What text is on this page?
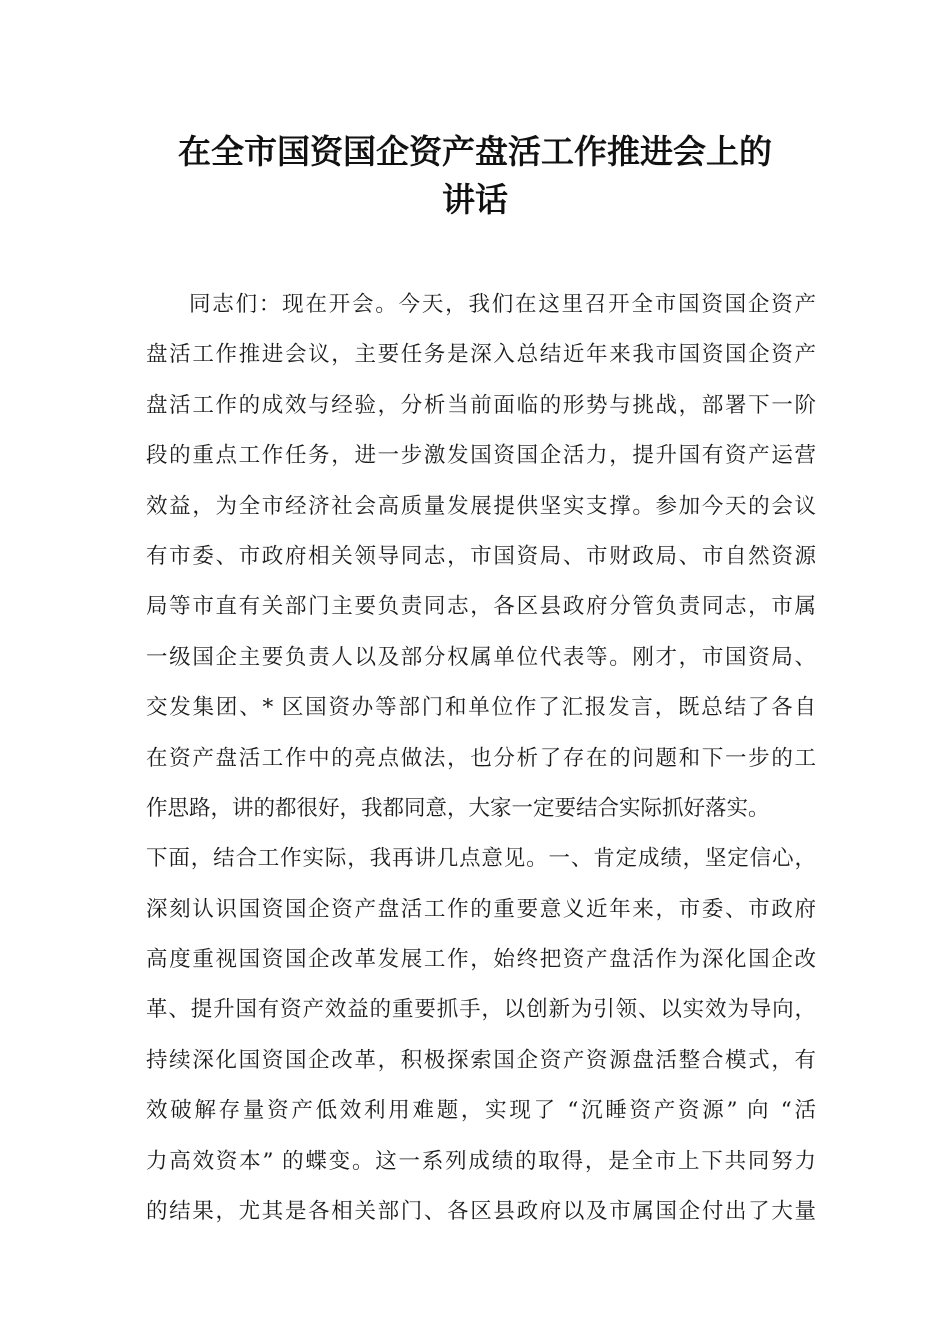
在全市国资国企资产盘活工作推进会上的
讲话
同志们：现在开会。今天，我们在这里召开全市国资国企资产
盘活工作推进会议，主要任务是深入总结近年来我市国资国企资产
盘活工作的成效与经验，分析当前面临的形势与挑战，部署下一阶
段的重点工作任务，进一步激发国资国企活力，提升国有资产运营
效益，为全市经济社会高质量发展提供坚实支撑。参加今天的会议
有市委、市政府相关领导同志，市国资局、市财政局、市自然资源
局等市直有关部门主要负责同志，各区县政府分管负责同志，市属
一级国企主要负责人以及部分权属单位代表等。刚才，市国资局、
交发集团、* 区国资办等部门和单位作了汇报发言，既总结了各自
在资产盘活工作中的亮点做法，也分析了存在的问题和下一步的工
作思路，讲的都很好，我都同意，大家一定要结合实际抓好落实。
下面，结合工作实际，我再讲几点意见。一、肯定成绩，坚定信心，
深刻认识国资国企资产盘活工作的重要意义近年来，市委、市政府
高度重视国资国企改革发展工作，始终把资产盘活作为深化国企改
革、提升国有资产效益的重要抓手，以创新为引领、以实效为导向，
持续深化国资国企改革，积极探索国企资产资源盘活整合模式，有
效破解存量资产低效利用难题，实现了 “沉睡资产资源” 向 “活
力高效资本” 的蝶变。这一系列成绩的取得，是全市上下共同努力
的结果，尤其是各相关部门、各区县政府以及市属国企付出了大量
